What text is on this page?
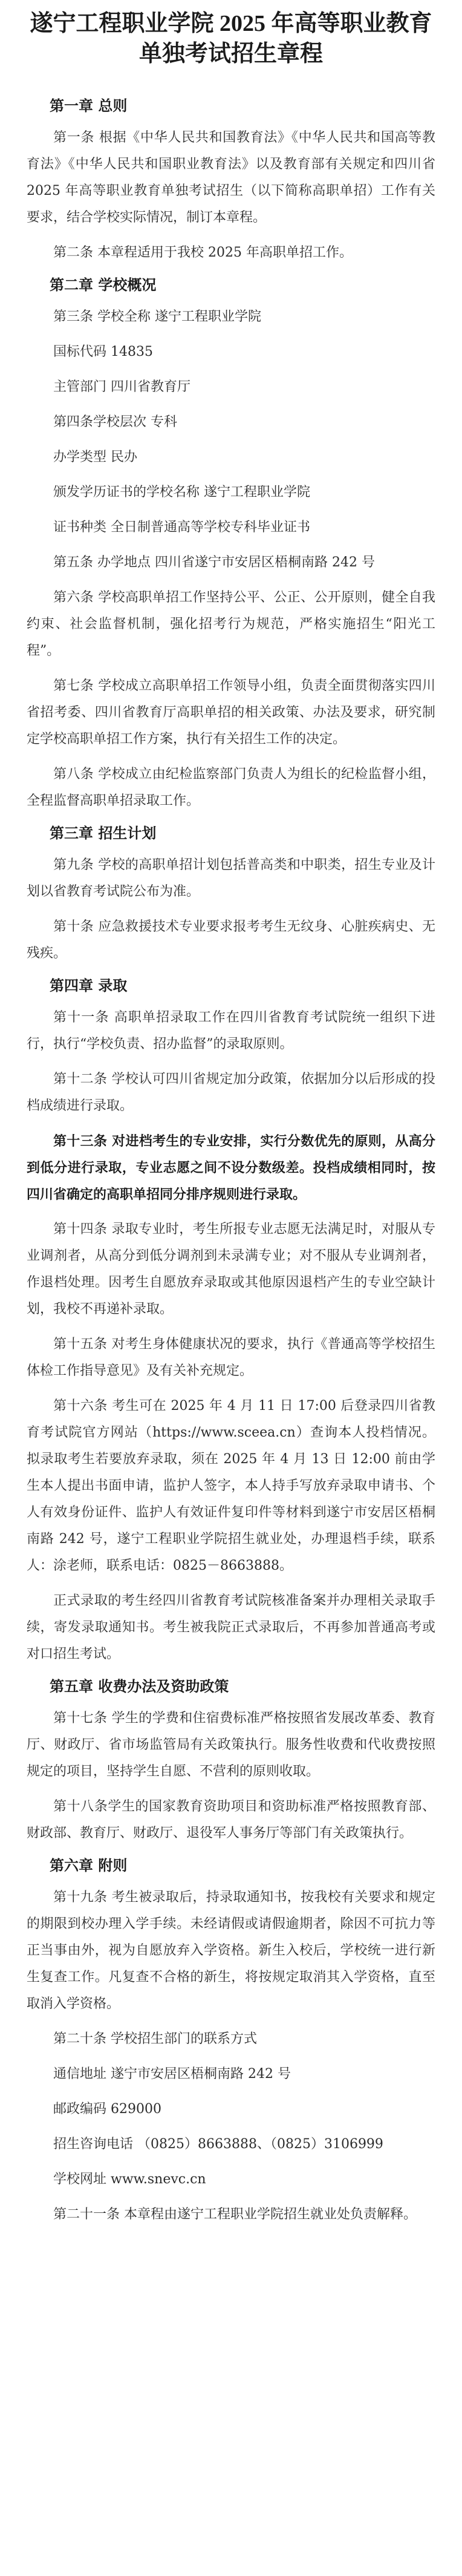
遂宁工程职业学院 2025 年高等职业教育
单独考试招生章程
第一章 总则
第一条 根据《中华人民共和国教育法》《中华人民共和国高等教育法》《中华人民共和国职业教育法》以及教育部有关规定和四川省 2025 年高等职业教育单独考试招生（以下简称高职单招）工作有关要求，结合学校实际情况，制订本章程。
第二条 本章程适用于我校 2025 年高职单招工作。
第二章 学校概况
第三条 学校全称 遂宁工程职业学院
国标代码 14835
主管部门 四川省教育厅
第四条学校层次 专科
办学类型 民办
颁发学历证书的学校名称 遂宁工程职业学院
证书种类 全日制普通高等学校专科毕业证书
第五条 办学地点 四川省遂宁市安居区梧桐南路 242 号
第六条 学校高职单招工作坚持公平、公正、公开原则，健全自我约束、社会监督机制，强化招考行为规范，严格实施招生“阳光工程”。
第七条 学校成立高职单招工作领导小组，负责全面贯彻落实四川省招考委、四川省教育厅高职单招的相关政策、办法及要求，研究制定学校高职单招工作方案，执行有关招生工作的决定。
第八条 学校成立由纪检监察部门负责人为组长的纪检监督小组，全程监督高职单招录取工作。
第三章 招生计划
第九条 学校的高职单招计划包括普高类和中职类，招生专业及计划以省教育考试院公布为准。
第十条 应急救援技术专业要求报考考生无纹身、心脏疾病史、无残疾。
第四章 录取
第十一条 高职单招录取工作在四川省教育考试院统一组织下进行，执行“学校负责、招办监督”的录取原则。
第十二条 学校认可四川省规定加分政策，依据加分以后形成的投档成绩进行录取。
第十三条 对进档考生的专业安排，实行分数优先的原则，从高分到低分进行录取，专业志愿之间不设分数级差。投档成绩相同时，按四川省确定的高职单招同分排序规则进行录取。
第十四条 录取专业时，考生所报专业志愿无法满足时，对服从专业调剂者，从高分到低分调剂到未录满专业；对不服从专业调剂者，作退档处理。因考生自愿放弃录取或其他原因退档产生的专业空缺计划，我校不再递补录取。
第十五条 对考生身体健康状况的要求，执行《普通高等学校招生体检工作指导意见》及有关补充规定。
第十六条 考生可在 2025 年 4 月 11 日 17:00 后登录四川省教育考试院官方网站（https://www.sceea.cn）查询本人投档情况。拟录取考生若要放弃录取，须在 2025 年 4 月 13 日 12:00 前由学生本人提出书面申请，监护人签字，本人持手写放弃录取申请书、个人有效身份证件、监护人有效证件复印件等材料到遂宁市安居区梧桐南路 242 号，遂宁工程职业学院招生就业处，办理退档手续，联系人：涂老师，联系电话：0825－8663888。
正式录取的考生经四川省教育考试院核准备案并办理相关录取手续，寄发录取通知书。考生被我院正式录取后，不再参加普通高考或对口招生考试。
第五章 收费办法及资助政策
第十七条 学生的学费和住宿费标准严格按照省发展改革委、教育厅、财政厅、省市场监管局有关政策执行。服务性收费和代收费按照规定的项目，坚持学生自愿、不营利的原则收取。
第十八条学生的国家教育资助项目和资助标准严格按照教育部、财政部、教育厅、财政厅、退役军人事务厅等部门有关政策执行。
第六章 附则
第十九条 考生被录取后，持录取通知书，按我校有关要求和规定的期限到校办理入学手续。未经请假或请假逾期者，除因不可抗力等正当事由外，视为自愿放弃入学资格。新生入校后，学校统一进行新生复查工作。凡复查不合格的新生，将按规定取消其入学资格，直至取消入学资格。
第二十条 学校招生部门的联系方式
通信地址 遂宁市安居区梧桐南路 242 号
邮政编码 629000
招生咨询电话 （0825）8663888、（0825）3106999
学校网址 www.snevc.cn
第二十一条 本章程由遂宁工程职业学院招生就业处负责解释。
